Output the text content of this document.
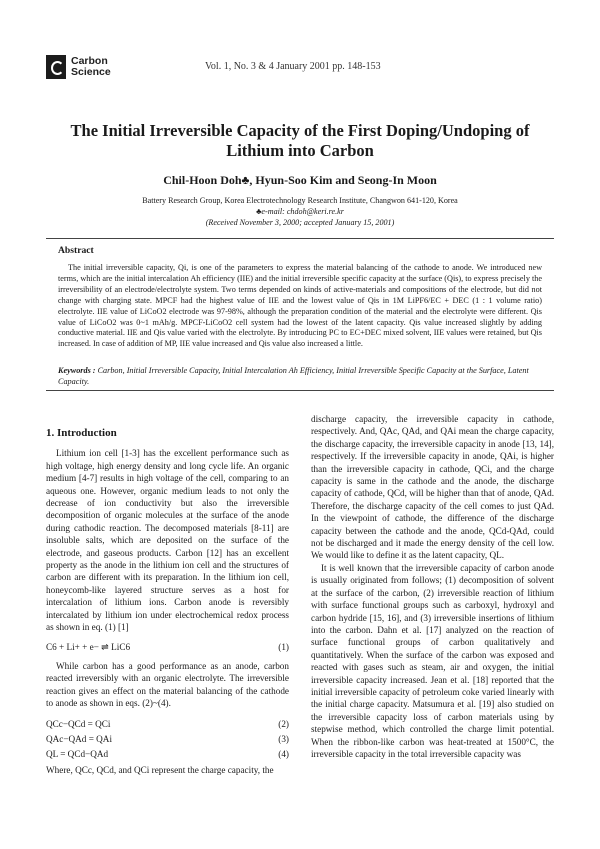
Carbon
Science	Vol. 1, No. 3 & 4 January 2001 pp. 148-153
The Initial Irreversible Capacity of the First Doping/Undoping of Lithium into Carbon
Chil-Hoon Doh♣, Hyun-Soo Kim and Seong-In Moon
Battery Research Group, Korea Electrotechnology Research Institute, Changwon 641-120, Korea
♣e-mail: chdoh@keri.re.kr
(Received November 3, 2000; accepted January 15, 2001)
Abstract
The initial irreversible capacity, Qi, is one of the parameters to express the material balancing of the cathode to anode. We introduced new terms, which are the initial intercalation Ah efficiency (IIE) and the initial irreversible specific capacity at the surface (Qis), to express precisely the irreversibility of an electrode/electrolyte system. Two terms depended on kinds of active-materials and compositions of the electrode, but did not change with charging state. MPCF had the highest value of IIE and the lowest value of Qis in 1M LiPF6/EC + DEC (1 : 1 volume ratio) electrolyte. IIE value of LiCoO2 electrode was 97-98%, although the preparation condition of the material and the electrolyte were different. Qis value of LiCoO2 was 0~1 mAh/g. MPCF-LiCoO2 cell system had the lowest of the latent capacity. Qis value increased slightly by adding conductive material. IIE and Qis value varied with the electrolyte. By introducing PC to EC+DEC mixed solvent, IIE values were retained, but Qis increased. In case of addition of MP, IIE value increased and Qis value also increased a little.
Keywords : Carbon, Initial Irreversible Capacity, Initial Intercalation Ah Efficiency, Initial Irreversible Specific Capacity at the Surface, Latent Capacity.
1. Introduction

Lithium ion cell [1-3] has the excellent performance such as high voltage, high energy density and long cycle life. An organic medium [4-7] results in high voltage of the cell, comparing to an aqueous one. However, organic medium leads to not only the decrease of ion conductivity but also the irreversible decomposition of organic molecules at the surface of the anode during cathodic reaction. The decomposed materials [8-11] are insoluble salts, which are deposited on the surface of the electrode, and gaseous products. Carbon [12] has an excellent property as the anode in the lithium ion cell and the structures of carbon are different with its preparation. In the lithium ion cell, honeycomb-like layered structure serves as a host for intercalation of lithium ions. Carbon anode is reversibly intercalated by lithium ion under electrochemical redox process as shown in eq. (1) [1]

C6 + Li+ + e− ⇌ LiC6	(1)

While carbon has a good performance as an anode, carbon reacted irreversibly with an organic electrolyte. The irreversible reaction gives an effect on the material balancing of the cathode to anode as shown in eqs. (2)~(4).

QCc−QCd = QCi	(2)
QAc−QAd = QAi	(3)
QL = QCd−QAd	(4)

Where, QCc, QCd, and QCi represent the charge capacity, the

discharge capacity, the irreversible capacity in cathode, respectively. And, QAc, QAd, and QAi mean the charge capacity, the discharge capacity, the irreversible capacity in anode [13, 14], respectively. If the irreversible capacity in anode, QAi, is higher than the irreversible capacity in cathode, QCi, and the charge capacity is same in the cathode and the anode, the discharge capacity of cathode, QCd, will be higher than that of anode, QAd. Therefore, the discharge capacity of the cell comes to just QAd. In the viewpoint of cathode, the difference of the discharge capacity between the cathode and the anode, QCd-QAd, could not be discharged and it made the energy density of the cell low. We would like to define it as the latent capacity, QL.

It is well known that the irreversible capacity of carbon anode is usually originated from follows; (1) decomposition of solvent at the surface of the carbon, (2) irreversible reaction of lithium with surface functional groups such as carboxyl, hydroxyl and carbon hydride [15, 16], and (3) irreversible insertions of lithium into the carbon. Dahn et al. [17] analyzed on the reaction of surface functional groups of carbon qualitatively and quantitatively. When the surface of the carbon was exposed and reacted with gases such as steam, air and oxygen, the initial irreversible capacity increased. Jean et al. [18] reported that the initial irreversible capacity of petroleum coke varied linearly with the initial charge capacity. Matsumura et al. [19] also studied on the irreversible capacity loss of carbon materials using by stepwise method, which controlled the charge limit potential. When the ribbon-like carbon was heat-treated at 1500°C, the irreversible capacity in the total irreversible capacity was
